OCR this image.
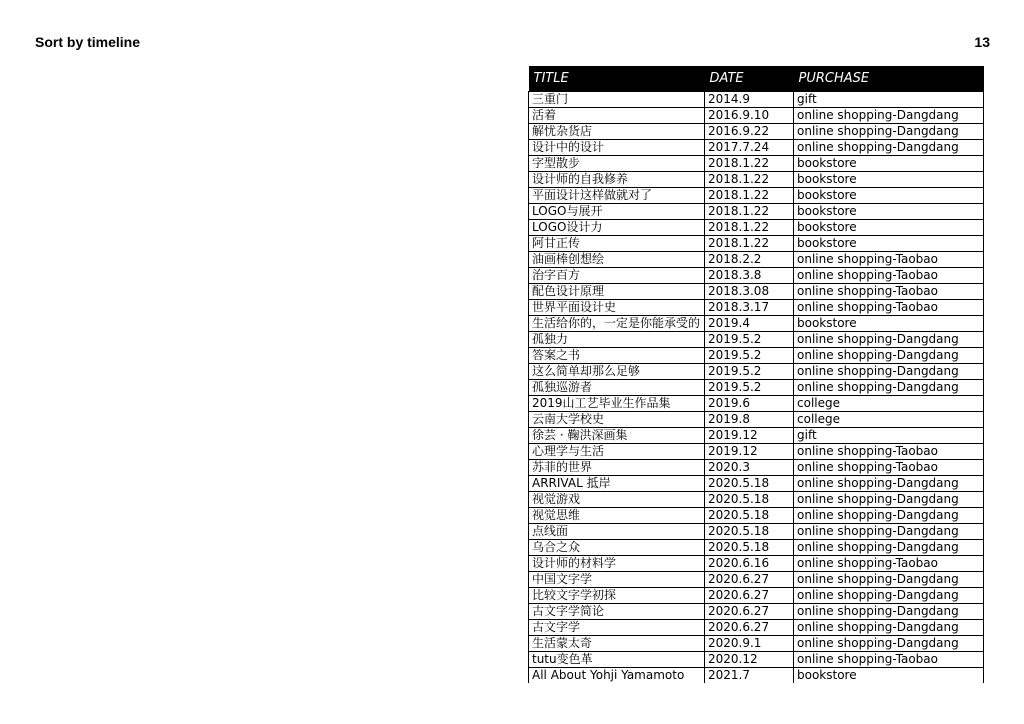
Sort by timeline	13
TITLE	DATE	PURCHASE
三重门	2014.9	gift
活着	2016.9.10	online shopping-Dangdang
解忧杂货店	2016.9.22	online shopping-Dangdang
设计中的设计	2017.7.24	online shopping-Dangdang
字型散步	2018.1.22	bookstore
设计师的自我修养	2018.1.22	bookstore
平面设计这样做就对了	2018.1.22	bookstore
LOGO与展开	2018.1.22	bookstore
LOGO设计力	2018.1.22	bookstore
阿甘正传	2018.1.22	bookstore
油画棒创想绘	2018.2.2	online shopping-Taobao
治字百方	2018.3.8	online shopping-Taobao
配色设计原理	2018.3.08	online shopping-Taobao
世界平面设计史	2018.3.17	online shopping-Taobao
生活给你的，一定是你能承受的	2019.4	bookstore
孤独力	2019.5.2	online shopping-Dangdang
答案之书	2019.5.2	online shopping-Dangdang
这么简单却那么足够	2019.5.2	online shopping-Dangdang
孤独巡游者	2019.5.2	online shopping-Dangdang
2019山工艺毕业生作品集	2019.6	college
云南大学校史	2019.8	college
徐芸 · 鞠洪深画集	2019.12	gift
心理学与生活	2019.12	online shopping-Taobao
苏菲的世界	2020.3	online shopping-Taobao
ARRIVAL 抵岸	2020.5.18	online shopping-Dangdang
视觉游戏	2020.5.18	online shopping-Dangdang
视觉思维	2020.5.18	online shopping-Dangdang
点线面	2020.5.18	online shopping-Dangdang
乌合之众	2020.5.18	online shopping-Dangdang
设计师的材料学	2020.6.16	online shopping-Taobao
中国文字学	2020.6.27	online shopping-Dangdang
比较文字学初探	2020.6.27	online shopping-Dangdang
古文字学简论	2020.6.27	online shopping-Dangdang
古文字学	2020.6.27	online shopping-Dangdang
生活蒙太奇	2020.9.1	online shopping-Dangdang
tutu变色革	2020.12	online shopping-Taobao
All About Yohji Yamamoto	2021.7	bookstore
